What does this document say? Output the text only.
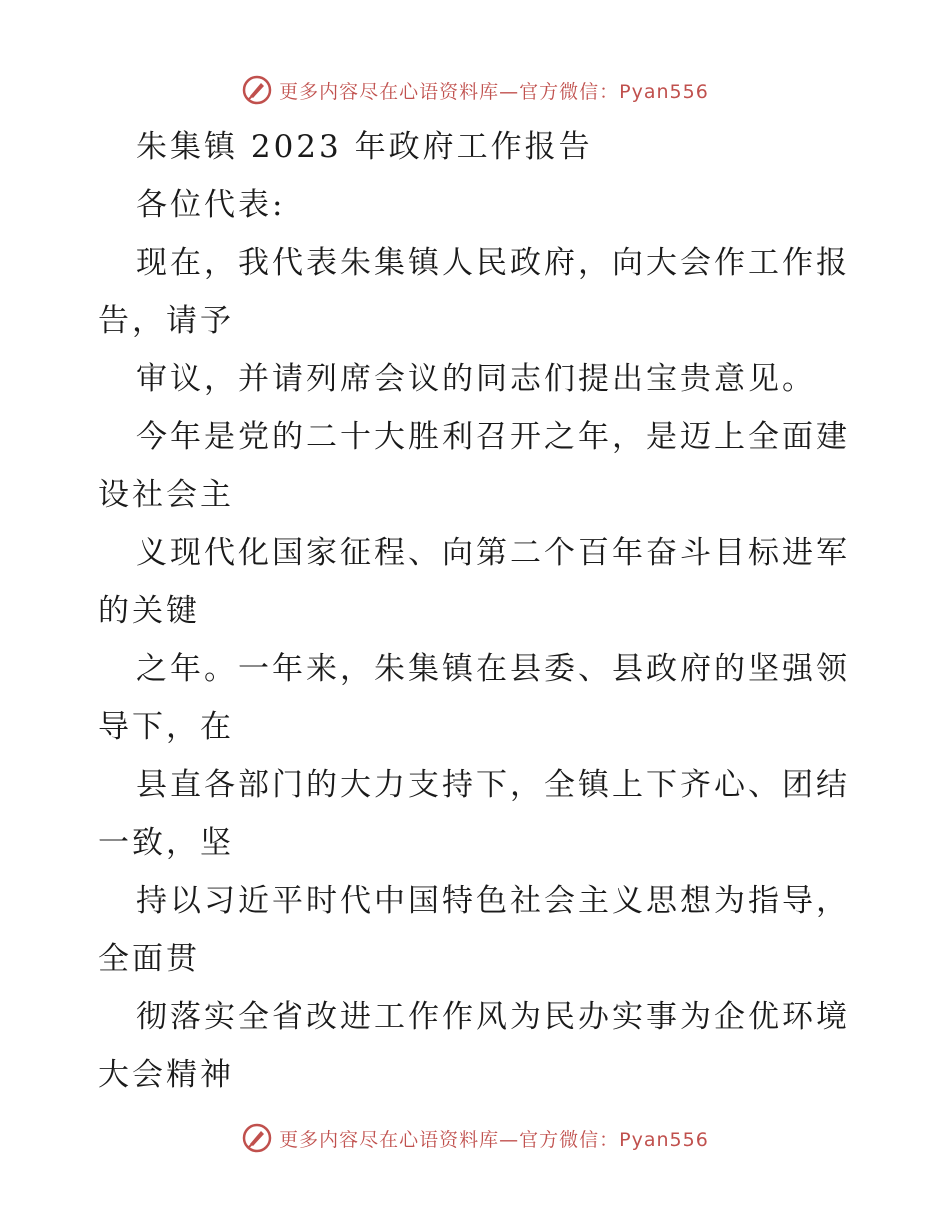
更多内容尽在心语资料库—官方微信：Pyan556
朱集镇 2023 年政府工作报告
各位代表:
现在，我代表朱集镇人民政府，向大会作工作报
告，请予
审议，并请列席会议的同志们提出宝贵意见。
今年是党的二十大胜利召开之年，是迈上全面建
设社会主
义现代化国家征程、向第二个百年奋斗目标进军
的关键
之年。一年来，朱集镇在县委、县政府的坚强领
导下，在
县直各部门的大力支持下，全镇上下齐心、团结
一致，坚
持以习近平时代中国特色社会主义思想为指导，
全面贯
彻落实全省改进工作作风为民办实事为企优环境
大会精神
更多内容尽在心语资料库—官方微信：Pyan556
